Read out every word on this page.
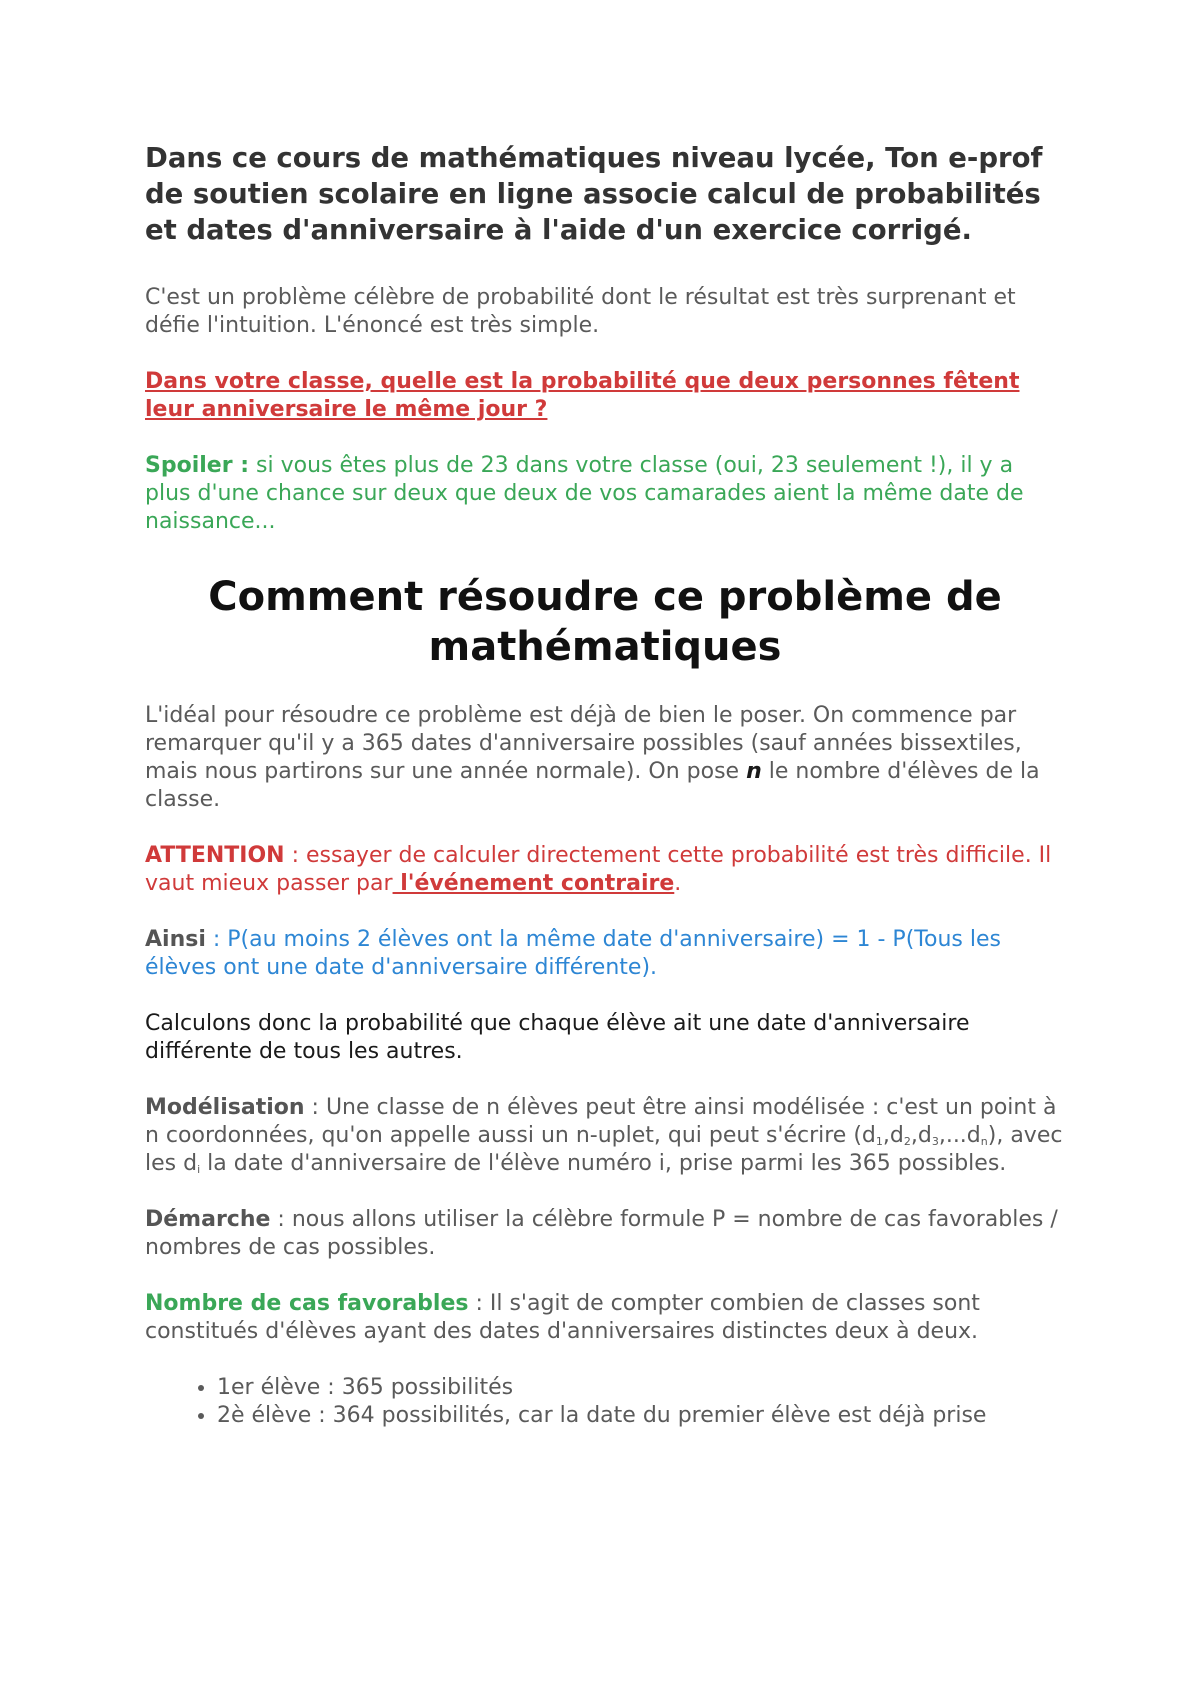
Dans ce cours de mathématiques niveau lycée, Ton e-prof de soutien scolaire en ligne associe calcul de probabilités et dates d'anniversaire à l'aide d'un exercice corrigé.

C'est un problème célèbre de probabilité dont le résultat est très surprenant et défie l'intuition. L'énoncé est très simple.

Dans votre classe, quelle est la probabilité que deux personnes fêtent leur anniversaire le même jour ?

Spoiler : si vous êtes plus de 23 dans votre classe (oui, 23 seulement !), il y a plus d'une chance sur deux que deux de vos camarades aient la même date de naissance...

Comment résoudre ce problème de mathématiques

L'idéal pour résoudre ce problème est déjà de bien le poser. On commence par remarquer qu'il y a 365 dates d'anniversaire possibles (sauf années bissextiles, mais nous partirons sur une année normale). On pose n le nombre d'élèves de la classe.

ATTENTION : essayer de calculer directement cette probabilité est très difficile. Il vaut mieux passer par l'événement contraire.

Ainsi : P(au moins 2 élèves ont la même date d'anniversaire) = 1 - P(Tous les élèves ont une date d'anniversaire différente).

Calculons donc la probabilité que chaque élève ait une date d'anniversaire différente de tous les autres.

Modélisation : Une classe de n élèves peut être ainsi modélisée : c'est un point à n coordonnées, qu'on appelle aussi un n-uplet, qui peut s'écrire $(d_1,d_2,d_3,...d_n)$, avec les $d_i$ la date d'anniversaire de l'élève numéro i, prise parmi les 365 possibles.

Démarche : nous allons utiliser la célèbre formule P = nombre de cas favorables / nombres de cas possibles.

Nombre de cas favorables : Il s'agit de compter combien de classes sont constitués d'élèves ayant des dates d'anniversaires distinctes deux à deux.

• 1er élève : 365 possibilités
• 2è élève : 364 possibilités, car la date du premier élève est déjà prise
